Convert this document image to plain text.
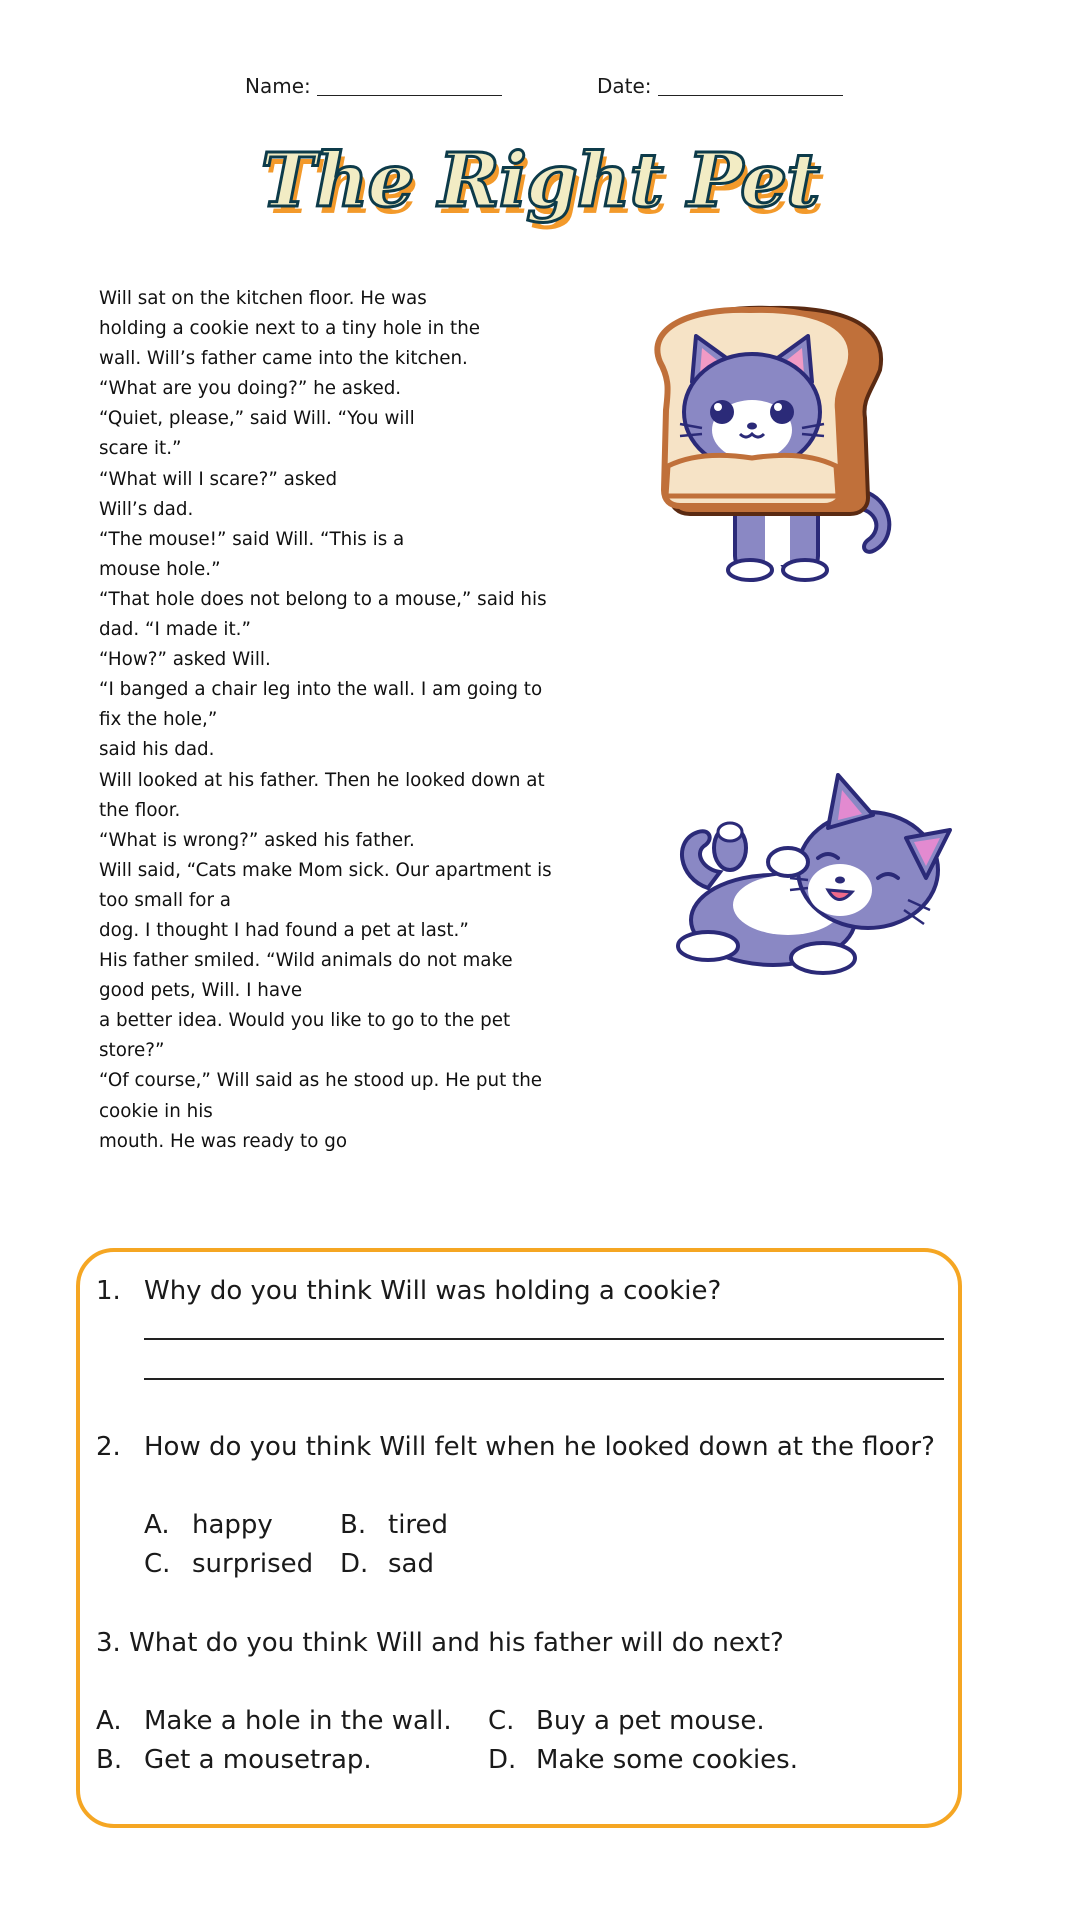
Name:	Date:
The Right Pet

Will sat on the kitchen floor. He was

holding a cookie next to a tiny hole in the

wall. Will’s father came into the kitchen.

“What are you doing?” he asked.

“Quiet, please,” said Will. “You will

scare it.”

“What will I scare?” asked

Will’s dad.

“The mouse!” said Will. “This is a

mouse hole.”

“That hole does not belong to a mouse,” said his

dad. “I made it.”

“How?” asked Will.

“I banged a chair leg into the wall. I am going to

fix the hole,”

said his dad.

Will looked at his father. Then he looked down at

the floor.

“What is wrong?” asked his father.

Will said, “Cats make Mom sick. Our apartment is

too small for a

dog. I thought I had found a pet at last.”

His father smiled. “Wild animals do not make

good pets, Will. I have

a better idea. Would you like to go to the pet

store?”

“Of course,” Will said as he stood up. He put the

cookie in his

mouth. He was ready to go

1. Why do you think Will was holding a cookie?
2. How do you think Will felt when he looked down at the floor?
A. happy	B. tired
C. surprised D. sad
3. What do you think Will and his father will do next?
A. Make a hole in the wall. C. Buy a pet mouse.
B. Get a mousetrap.	D. Make some cookies.
